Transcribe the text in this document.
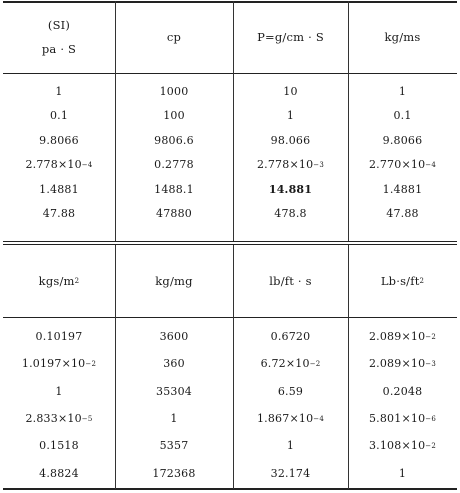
(SI)
pa · S
cp	P=g/cm · S	kg/ms
1	1000	10	1
0.1	100	1	0.1
9.8066	9806.6	98.066	9.8066
2.778×10 −4	0.2778	2.778×10 −3	2.770×10 −4
1.4881	1488.1	14.881	1.4881
47.88	47880	478.8	47.88
kgs/m 2	kg/mg	lb/ft · s	Lb·s/ft 2
0.10197	3600	0.6720	2.089×10 −2
1.0197×10 −2	360	6.72×10 −2	2.089×10 −3
1	35304	6.59	0.2048
2.833×10 −5	1	1.867×10 −4	5.801×10 −6
0.1518	5357	1	3.108×10 −2
4.8824	172368	32.174	1
